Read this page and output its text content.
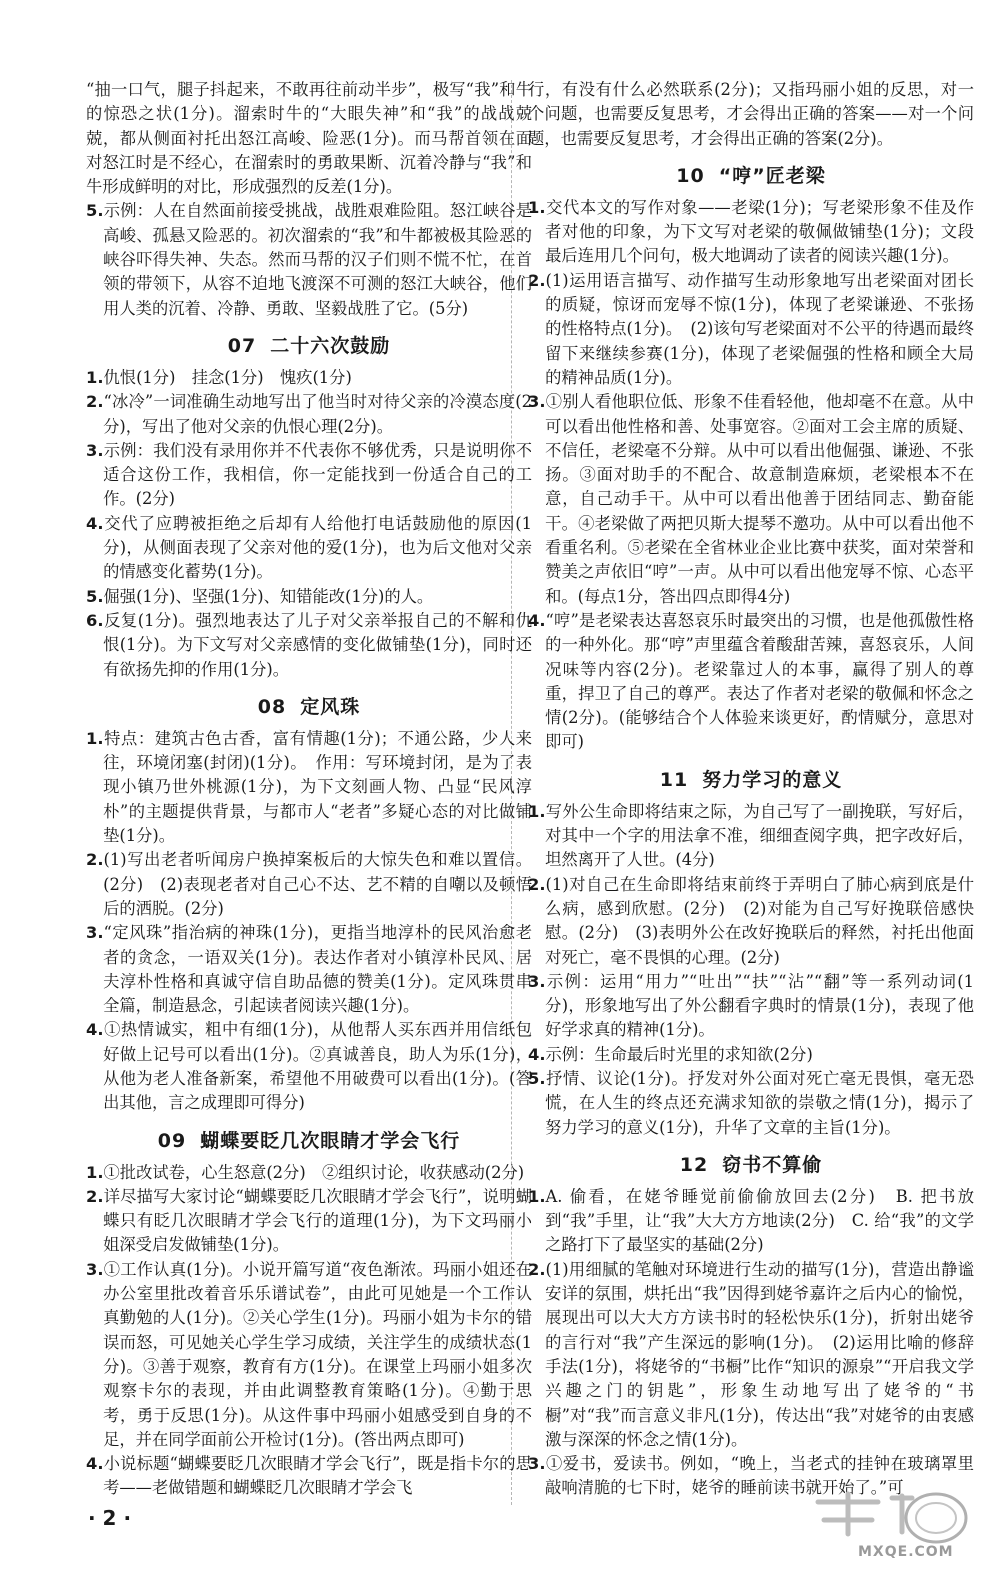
“抽一口气，腿子抖起来，不敢再往前动半步”，极写“我”和牛的惊恐之状(1分)。溜索时牛的“大眼失神”和“我”的战战兢兢，都从侧面衬托出怒江高峻、险恶(1分)。而马帮首领在面对怒江时是不经心，在溜索时的勇敢果断、沉着冷静与“我”和牛形成鲜明的对比，形成强烈的反差(1分)。

5.示例：人在自然面前接受挑战，战胜艰难险阻。怒江峡谷是高峻、孤悬又险恶的。初次溜索的“我”和牛都被极其险恶的峡谷吓得失神、失态。然而马帮的汉子们则不慌不忙，在首领的带领下，从容不迫地飞渡深不可测的怒江大峡谷，他们用人类的沉着、冷静、勇敢、坚毅战胜了它。(5分)

07 二十六次鼓励

1.仇恨(1分)　挂念(1分)　愧疚(1分)

2.“冰冷”一词准确生动地写出了他当时对待父亲的冷漠态度(2分)，写出了他对父亲的仇恨心理(2分)。

3.示例：我们没有录用你并不代表你不够优秀，只是说明你不适合这份工作，我相信，你一定能找到一份适合自己的工作。(2分)

4.交代了应聘被拒绝之后却有人给他打电话鼓励他的原因(1分)，从侧面表现了父亲对他的爱(1分)，也为后文他对父亲的情感变化蓄势(1分)。

5.倔强(1分)、坚强(1分)、知错能改(1分)的人。

6.反复(1分)。强烈地表达了儿子对父亲举报自己的不解和仇恨(1分)。为下文写对父亲感情的变化做铺垫(1分)，同时还有欲扬先抑的作用(1分)。

08 定风珠

1.特点：建筑古色古香，富有情趣(1分)；不通公路，少人来往，环境闭塞(封闭)(1分)。　作用：写环境封闭，是为了表现小镇乃世外桃源(1分)，为下文刻画人物、凸显“民风淳朴”的主题提供背景，与都市人“老者”多疑心态的对比做铺垫(1分)。

2.(1)写出老者听闻房户换掉案板后的大惊失色和难以置信。(2分)　(2)表现老者对自己心不达、艺不精的自嘲以及顿悟后的洒脱。(2分)

3.“定风珠”指治病的神珠(1分)，更指当地淳朴的民风治愈老者的贪念，一语双关(1分)。表达作者对小镇淳朴民风、居夫淳朴性格和真诚守信自助品德的赞美(1分)。定风珠贯串全篇，制造悬念，引起读者阅读兴趣(1分)。

4.①热情诚实，粗中有细(1分)，从他帮人买东西并用信纸包好做上记号可以看出(1分)。②真诚善良，助人为乐(1分)，从他为老人准备新案，希望他不用破费可以看出(1分)。(答出其他，言之成理即可得分)

09 蝴蝶要眨几次眼睛才学会飞行

1.①批改试卷，心生怒意(2分)　②组织讨论，收获感动(2分)

2.详尽描写大家讨论“蝴蝶要眨几次眼睛才学会飞行”，说明蝴蝶只有眨几次眼睛才学会飞行的道理(1分)，为下文玛丽小姐深受启发做铺垫(1分)。

3.①工作认真(1分)。小说开篇写道“夜色渐浓。玛丽小姐还在办公室里批改着音乐乐谱试卷”，由此可见她是一个工作认真勤勉的人(1分)。②关心学生(1分)。玛丽小姐为卡尔的错误而怒，可见她关心学生学习成绩，关注学生的成绩状态(1分)。③善于观察，教育有方(1分)。在课堂上玛丽小姐多次观察卡尔的表现，并由此调整教育策略(1分)。④勤于思考，勇于反思(1分)。从这件事中玛丽小姐感受到自身的不足，并在同学面前公开检讨(1分)。(答出两点即可)

4.小说标题“蝴蝶要眨几次眼睛才学会飞行”，既是指卡尔的思考——老做错题和蝴蝶眨几次眼睛才学会飞

行，有没有什么必然联系(2分)；又指玛丽小姐的反思，对一个问题，也需要反复思考，才会得出正确的答案——对一个问题，也需要反复思考，才会得出正确的答案(2分)。

10 “哼”匠老梁

1.交代本文的写作对象——老梁(1分)；写老梁形象不佳及作者对他的印象，为下文写对老梁的敬佩做铺垫(1分)；文段最后连用几个问句，极大地调动了读者的阅读兴趣(1分)。

2.(1)运用语言描写、动作描写生动形象地写出老梁面对团长的质疑，惊讶而宠辱不惊(1分)，体现了老梁谦逊、不张扬的性格特点(1分)。　(2)该句写老梁面对不公平的待遇而最终留下来继续参赛(1分)，体现了老梁倔强的性格和顾全大局的精神品质(1分)。

3.①别人看他职位低、形象不佳看轻他，他却毫不在意。从中可以看出他性格和善、处事宽容。②面对工会主席的质疑、不信任，老梁毫不分辩。从中可以看出他倔强、谦逊、不张扬。③面对助手的不配合、故意制造麻烦，老梁根本不在意，自己动手干。从中可以看出他善于团结同志、勤奋能干。④老梁做了两把贝斯大提琴不邀功。从中可以看出他不看重名利。⑤老梁在全省林业企业比赛中获奖，面对荣誉和赞美之声依旧“哼”一声。从中可以看出他宠辱不惊、心态平和。(每点1分，答出四点即得4分)

4.“哼”是老梁表达喜怒哀乐时最突出的习惯，也是他孤傲性格的一种外化。那“哼”声里蕴含着酸甜苦辣，喜怒哀乐，人间况味等内容(2分)。老梁靠过人的本事，赢得了别人的尊重，捍卫了自己的尊严。表达了作者对老梁的敬佩和怀念之情(2分)。(能够结合个人体验来谈更好，酌情赋分，意思对即可)

11 努力学习的意义

1.写外公生命即将结束之际，为自己写了一副挽联，写好后，对其中一个字的用法拿不准，细细查阅字典，把字改好后，坦然离开了人世。(4分)

2.(1)对自己在生命即将结束前终于弄明白了肺心病到底是什么病，感到欣慰。(2分)　(2)对能为自己写好挽联倍感快慰。(2分)　(3)表明外公在改好挽联后的释然，衬托出他面对死亡，毫不畏惧的心理。(2分)

3.示例：运用“用力”“吐出”“扶”“沾”“翻”等一系列动词(1分)，形象地写出了外公翻看字典时的情景(1分)，表现了他好学求真的精神(1分)。

4.示例：生命最后时光里的求知欲(2分)

5.抒情、议论(1分)。抒发对外公面对死亡毫无畏惧，毫无恐慌，在人生的终点还充满求知欲的崇敬之情(1分)，揭示了努力学习的意义(1分)，升华了文章的主旨(1分)。

12 窃书不算偷

1.A. 偷看，在姥爷睡觉前偷偷放回去(2分)　B. 把书放到“我”手里，让“我”大大方方地读(2分)　C. 给“我”的文学之路打下了最坚实的基础(2分)

2.(1)用细腻的笔触对环境进行生动的描写(1分)，营造出静谧安详的氛围，烘托出“我”因得到姥爷嘉许之后内心的愉悦，展现出可以大大方方读书时的轻松快乐(1分)，折射出姥爷的言行对“我”产生深远的影响(1分)。　(2)运用比喻的修辞手法(1分)，将姥爷的“书橱”比作“知识的源泉”“开启我文学兴趣之门的钥匙”，形象生动地写出了姥爷的“书橱”对“我”而言意义非凡(1分)，传达出“我”对姥爷的由衷感激与深深的怀念之情(1分)。

3.①爱书，爱读书。例如，“晚上，当老式的挂钟在玻璃罩里敲响清脆的七下时，姥爷的睡前读书就开始了。”可

· 2 ·
MXQE.COM
